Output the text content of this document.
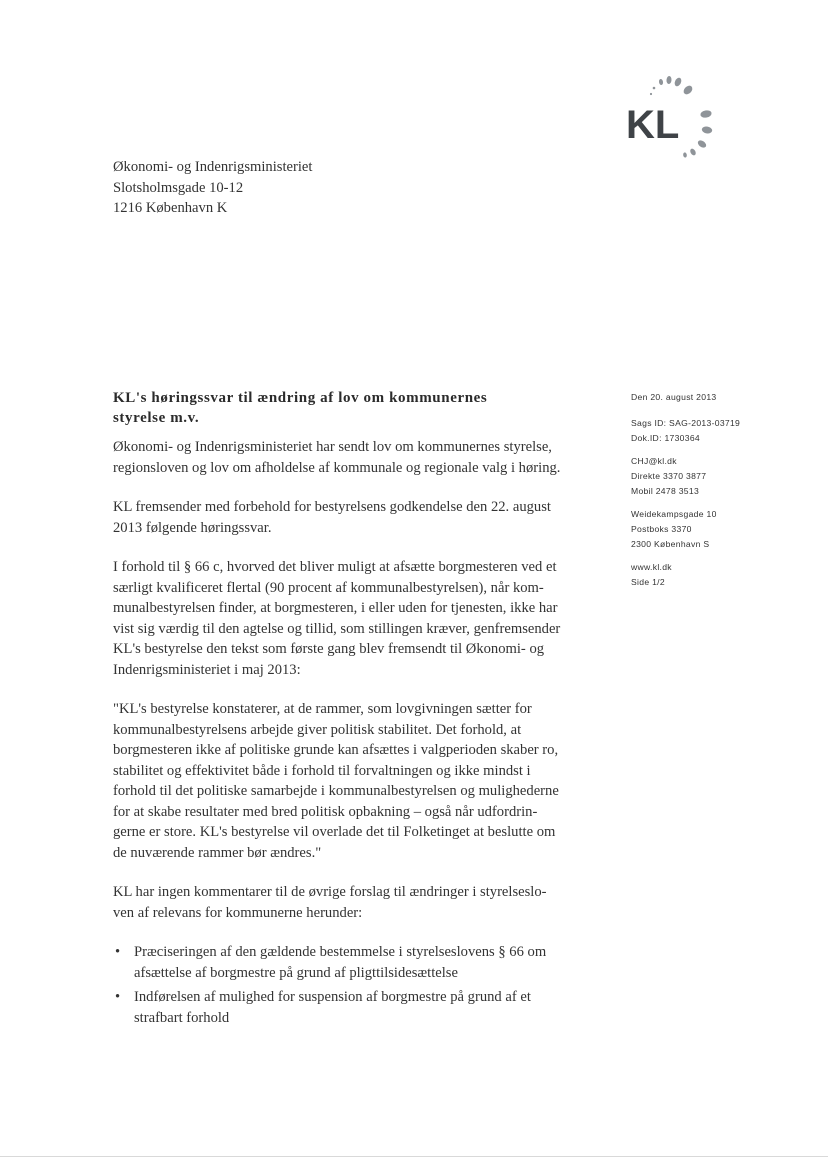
KL
Økonomi- og Indenrigsministeriet
Slotsholmsgade 10-12
1216 København K
KL's høringssvar til ændring af lov om kommunernes
styrelse m.v.
Økonomi- og Indenrigsministeriet har sendt lov om kommunernes styrelse,
regionsloven og lov om afholdelse af kommunale og regionale valg i høring.
KL fremsender med forbehold for bestyrelsens godkendelse den 22. august
2013 følgende høringssvar.
I forhold til § 66 c, hvorved det bliver muligt at afsætte borgmesteren ved et
særligt kvalificeret flertal (90 procent af kommunalbestyrelsen), når kom-
munalbestyrelsen finder, at borgmesteren, i eller uden for tjenesten, ikke har
vist sig værdig til den agtelse og tillid, som stillingen kræver, genfremsender
KL's bestyrelse den tekst som første gang blev fremsendt til Økonomi- og
Indenrigsministeriet i maj 2013:
"KL's bestyrelse konstaterer, at de rammer, som lovgivningen sætter for
kommunalbestyrelsens arbejde giver politisk stabilitet. Det forhold, at
borgmesteren ikke af politiske grunde kan afsættes i valgperioden skaber ro,
stabilitet og effektivitet både i forhold til forvaltningen og ikke mindst i
forhold til det politiske samarbejde i kommunalbestyrelsen og mulighederne
for at skabe resultater med bred politisk opbakning – også når udfordrin-
gerne er store. KL's bestyrelse vil overlade det til Folketinget at beslutte om
de nuværende rammer bør ændres."
KL har ingen kommentarer til de øvrige forslag til ændringer i styrelseslo-
ven af relevans for kommunerne herunder:
• Præciseringen af den gældende bestemmelse i styrelseslovens § 66 om
afsættelse af borgmestre på grund af pligttilsidesættelse
• Indførelsen af mulighed for suspension af borgmestre på grund af et
strafbart forhold
Den 20. august 2013
Sags ID: SAG-2013-03719
Dok.ID: 1730364
CHJ@kl.dk
Direkte 3370 3877
Mobil 2478 3513
Weidekampsgade 10
Postboks 3370
2300 København S
www.kl.dk
Side 1/2
